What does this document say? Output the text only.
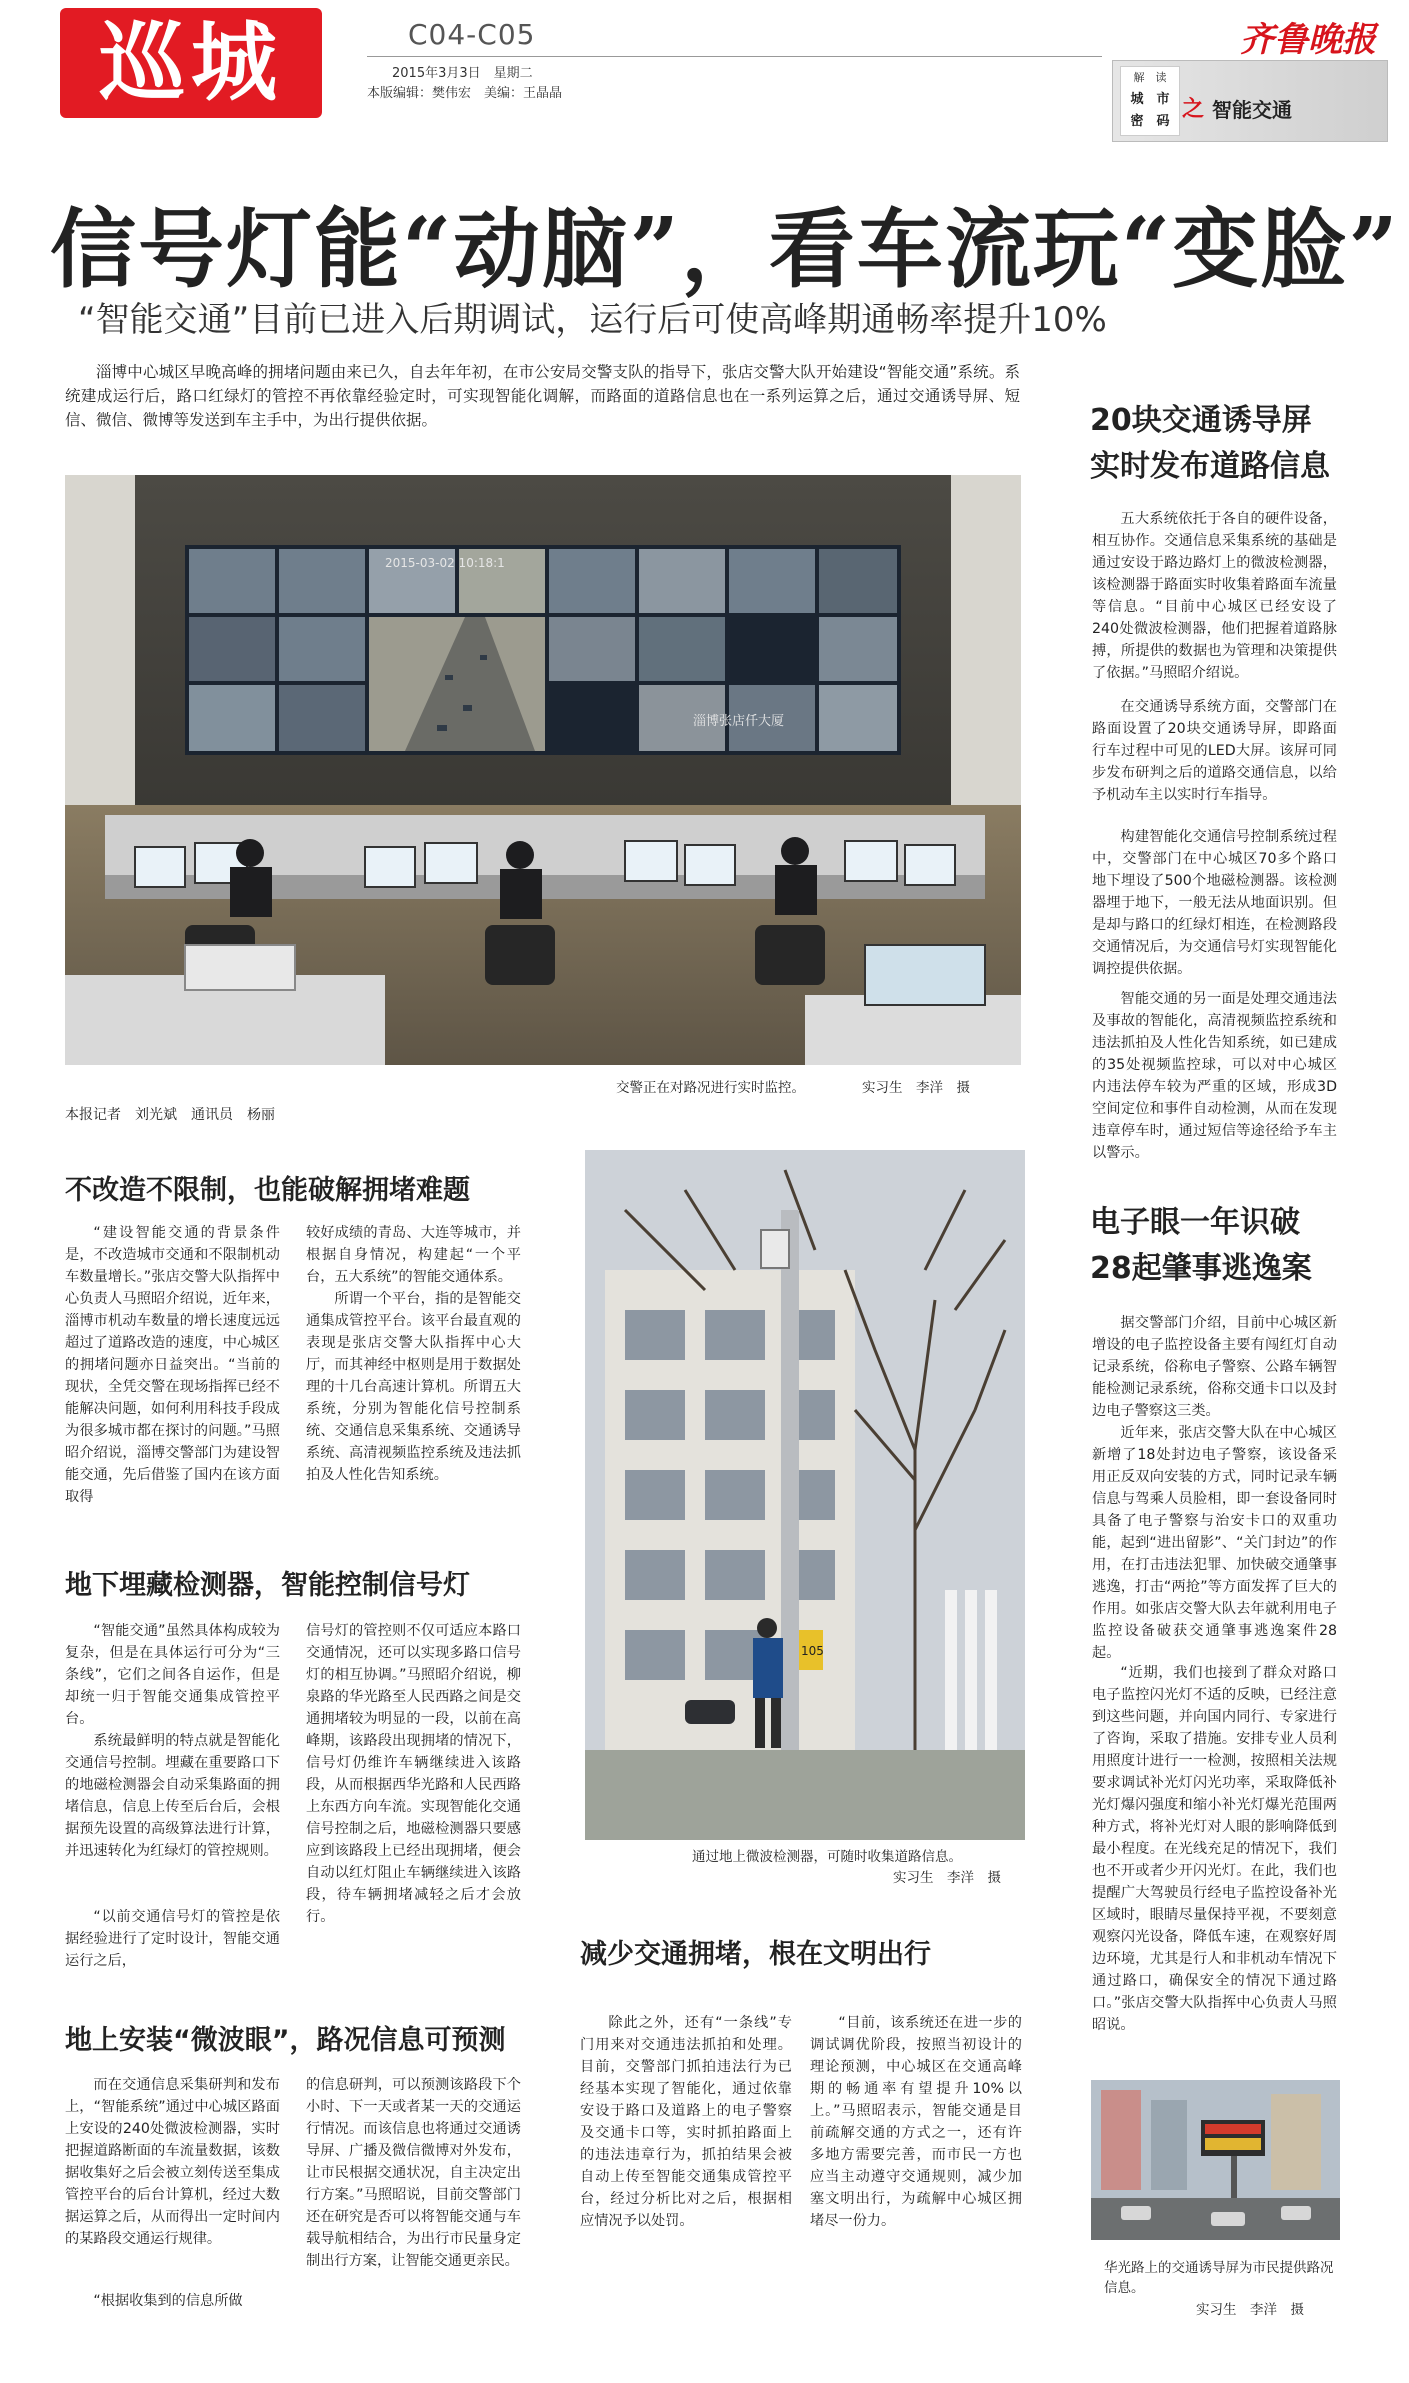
巡城	C04-C05
2015年3月3日　星期二
本版编辑：樊伟宏　美编：王晶晶
齐鲁晚报
解　读
城　市
密　码 之 智能交通
信号灯能“动脑”，看车流玩“变脸”
“智能交通”目前已进入后期调试，运行后可使高峰期通畅率提升10%

淄博中心城区早晚高峰的拥堵问题由来已久，自去年年初，在市公安局交警支队的指导下，张店交警大队开始建设“智能交通”系统。系统建成运行后，路口红绿灯的管控不再依靠经验定时，可实现智能化调解，而路面的道路信息也在一系列运算之后，通过交通诱导屏、短信、微信、微博等发送到车主手中，为出行提供依据。

2015-03-02 10:18:1
淄博张店仟大厦
交警正在对路况进行实时监控。	实习生　李洋　摄
本报记者　刘光斌　通讯员　杨丽
不改造不限制，也能破解拥堵难题

“建设智能交通的背景条件是，不改造城市交通和不限制机动车数量增长。”张店交警大队指挥中心负责人马照昭介绍说，近年来，淄博市机动车数量的增长速度远远超过了道路改造的速度，中心城区的拥堵问题亦日益突出。“当前的现状，全凭交警在现场指挥已经不能解决问题，如何利用科技手段成为很多城市都在探讨的问题。”马照昭介绍说，淄博交警部门为建设智能交通，先后借鉴了国内在该方面取得

较好成绩的青岛、大连等城市，并根据自身情况，构建起“一个平台，五大系统”的智能交通体系。

所谓一个平台，指的是智能交通集成管控平台。该平台最直观的表现是张店交警大队指挥中心大厅，而其神经中枢则是用于数据处理的十几台高速计算机。所谓五大系统，分别为智能化信号控制系统、交通信息采集系统、交通诱导系统、高清视频监控系统及违法抓拍及人性化告知系统。

地下埋藏检测器，智能控制信号灯

“智能交通”虽然具体构成较为复杂，但是在具体运行可分为“三条线”，它们之间各自运作，但是却统一归于智能交通集成管控平台。

系统最鲜明的特点就是智能化交通信号控制。埋藏在重要路口下的地磁检测器会自动采集路面的拥堵信息，信息上传至后台后，会根据预先设置的高级算法进行计算，并迅速转化为红绿灯的管控规则。

“以前交通信号灯的管控是依据经验进行了定时设计，智能交通运行之后，

信号灯的管控则不仅可适应本路口交通情况，还可以实现多路口信号灯的相互协调。”马照昭介绍说，柳泉路的华光路至人民西路之间是交通拥堵较为明显的一段，以前在高峰期，该路段出现拥堵的情况下，信号灯仍维许车辆继续进入该路段，从而根据西华光路和人民西路上东西方向车流。实现智能化交通信号控制之后，地磁检测器只要感应到该路段上已经出现拥堵，便会自动以红灯阻止车辆继续进入该路段，待车辆拥堵减轻之后才会放行。

地上安装“微波眼”，路况信息可预测

而在交通信息采集研判和发布上，“智能系统”通过中心城区路面上安设的240处微波检测器，实时把握道路断面的车流量数据，该数据收集好之后会被立刻传送至集成管控平台的后台计算机，经过大数据运算之后，从而得出一定时间内的某路段交通运行规律。

“根据收集到的信息所做

的信息研判，可以预测该路段下个小时、下一天或者某一天的交通运行情况。而该信息也将通过交通诱导屏、广播及微信微博对外发布，让市民根据交通状况，自主决定出行方案。”马照昭说，目前交警部门还在研究是否可以将智能交通与车载导航相结合，为出行市民量身定制出行方案，让智能交通更亲民。

105
通过地上微波检测器，可随时收集道路信息。
实习生　李洋　摄
减少交通拥堵，根在文明出行

除此之外，还有“一条线”专门用来对交通违法抓拍和处理。目前，交警部门抓拍违法行为已经基本实现了智能化，通过依靠安设于路口及道路上的电子警察及交通卡口等，实时抓拍路面上的违法违章行为，抓拍结果会被自动上传至智能交通集成管控平台，经过分析比对之后，根据相应情况予以处罚。

“目前，该系统还在进一步的调试调优阶段，按照当初设计的理论预测，中心城区在交通高峰期的畅通率有望提升10%以上。”马照昭表示，智能交通是目前疏解交通的方式之一，还有许多地方需要完善，而市民一方也应当主动遵守交通规则，减少加塞文明出行，为疏解中心城区拥堵尽一份力。

20块交通诱导屏
实时发布道路信息

五大系统依托于各自的硬件设备，相互协作。交通信息采集系统的基础是通过安设于路边路灯上的微波检测器，该检测器于路面实时收集着路面车流量等信息。“目前中心城区已经安设了240处微波检测器，他们把握着道路脉搏，所提供的数据也为管理和决策提供了依据。”马照昭介绍说。

在交通诱导系统方面，交警部门在路面设置了20块交通诱导屏，即路面行车过程中可见的LED大屏。该屏可同步发布研判之后的道路交通信息，以给予机动车主以实时行车指导。

构建智能化交通信号控制系统过程中，交警部门在中心城区70多个路口地下埋设了500个地磁检测器。该检测器埋于地下，一般无法从地面识别。但是却与路口的红绿灯相连，在检测路段交通情况后，为交通信号灯实现智能化调控提供依据。

智能交通的另一面是处理交通违法及事故的智能化，高清视频监控系统和违法抓拍及人性化告知系统，如已建成的35处视频监控球，可以对中心城区内违法停车较为严重的区域，形成3D空间定位和事件自动检测，从而在发现违章停车时，通过短信等途径给予车主以警示。

电子眼一年识破
28起肇事逃逸案

据交警部门介绍，目前中心城区新增设的电子监控设备主要有闯红灯自动记录系统，俗称电子警察、公路车辆智能检测记录系统，俗称交通卡口以及封边电子警察这三类。

近年来，张店交警大队在中心城区新增了18处封边电子警察，该设备采用正反双向安装的方式，同时记录车辆信息与驾乘人员脸相，即一套设备同时具备了电子警察与治安卡口的双重功能，起到“进出留影”、“关门封边”的作用，在打击违法犯罪、加快破交通肇事逃逸，打击“两抢”等方面发挥了巨大的作用。如张店交警大队去年就利用电子监控设备破获交通肇事逃逸案件28起。

“近期，我们也接到了群众对路口电子监控闪光灯不适的反映，已经注意到这些问题，并向国内同行、专家进行了咨询，采取了措施。安排专业人员利用照度计进行一一检测，按照相关法规要求调试补光灯闪光功率，采取降低补光灯爆闪强度和缩小补光灯爆光范围两种方式，将补光灯对人眼的影响降低到最小程度。在光线充足的情况下，我们也不开或者少开闪光灯。在此，我们也提醒广大驾驶员行经电子监控设备补光区域时，眼睛尽量保持平视，不要刻意观察闪光设备，降低车速，在观察好周边环境，尤其是行人和非机动车情况下通过路口，确保安全的情况下通过路口。”张店交警大队指挥中心负责人马照昭说。

华光路上的交通诱导屏为市民提供路况信息。
实习生　李洋　摄
